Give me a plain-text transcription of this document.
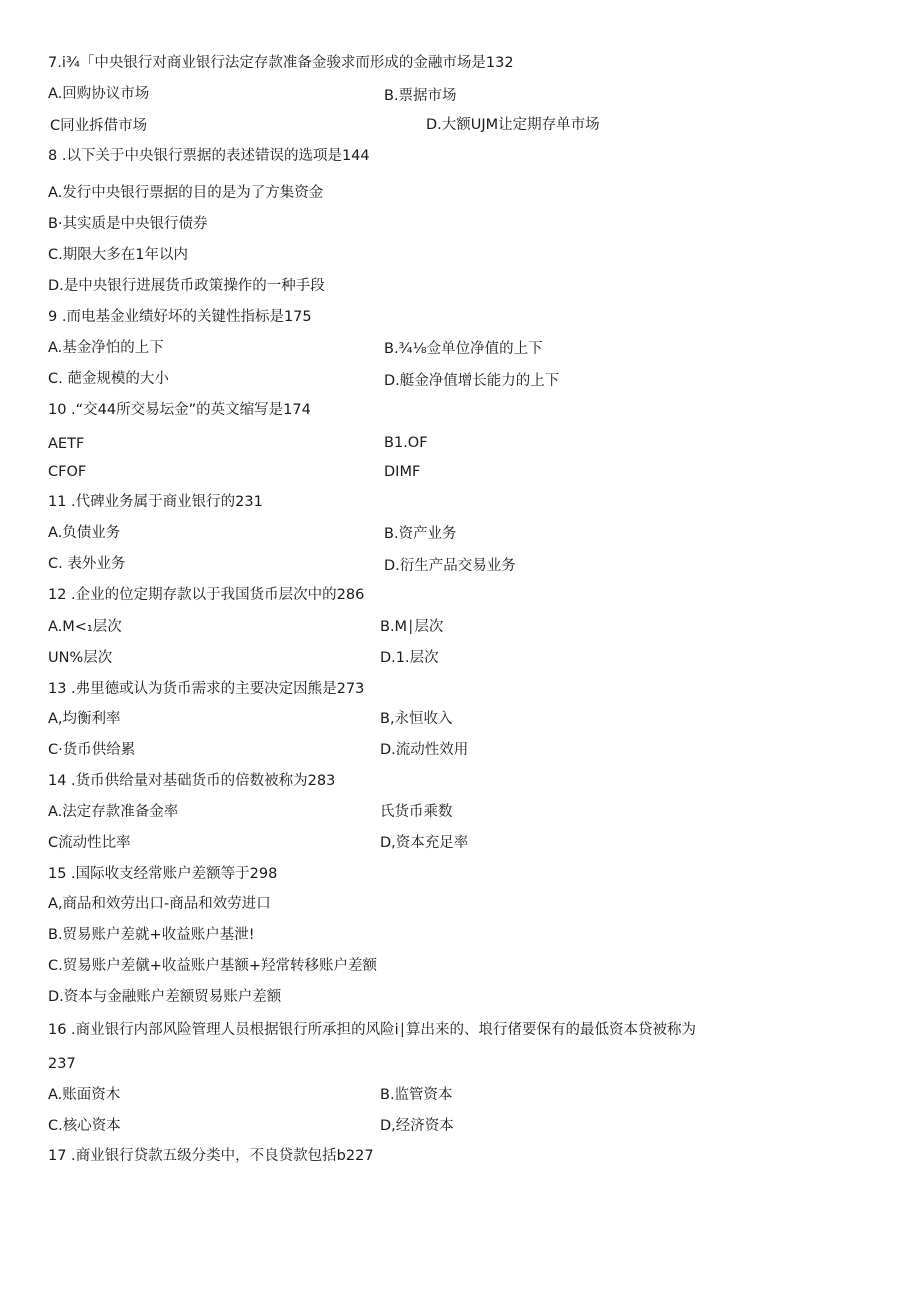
7.i¾「中央银行对商业银行法定存款准备金骏求而形成的金融市场是132
A.回购协议市场	B.票据市场
C同业拆借市场	D.大额UJM让定期存单市场
8 .以下关于中央银行票据的表述错误的选项是144
A.发行中央银行票据的目的是为了方集资金
B·其实质是中央银行债券
C.期限大多在1年以内
D.是中央银行进展货币政策操作的一种手段
9 .而电基金业绩好坏的关键性指标是175
A.基金净怕的上下	B.¾⅛佥单位净值的上下
C. 葩金规模的大小	D.艇金净值增长能力的上下
10 .“交44所交易坛金”的英文缩写是174
AETF	B1.OF
CFOF	DIMF
11 .代碑业务属于商业银行的231
A.负债业务	B.资产业务
C. 表外业务	D.衍生产品交易业务
12 .企业的位定期存款以于我国货币层次中的286
A.M<₁层次	B.M∣层次
UN%层次	D.1.层次
13 .弗里德或认为货币需求的主要决定因熊是273
A,均衡利率	B,永恒收入
C·货币供给累	D.流动性效用
14 .货币供给量对基础货币的倍数被称为283
A.法定存款准备金率	氏货币乘数
C流动性比率	D,资本充足率
15 .国际收支经常账户差额等于298
A,商品和效劳出口-商品和效劳进口
B.贸易账户差就+收益账户基泄!
C.贸易账户差僦+收益账户基额+羟常转移账户差额
D.资本与金融账户差额贸易账户差额
16 .商业银行内部风险管理人员根据银行所承担的风险i∣算出来的、埌行偖要保有的最低资本贷被称为
237
A.账面资木	B.监管资本
C.核心资本	D,经济资本
17 .商业银行贷款五级分类中，不良贷款包括b227
